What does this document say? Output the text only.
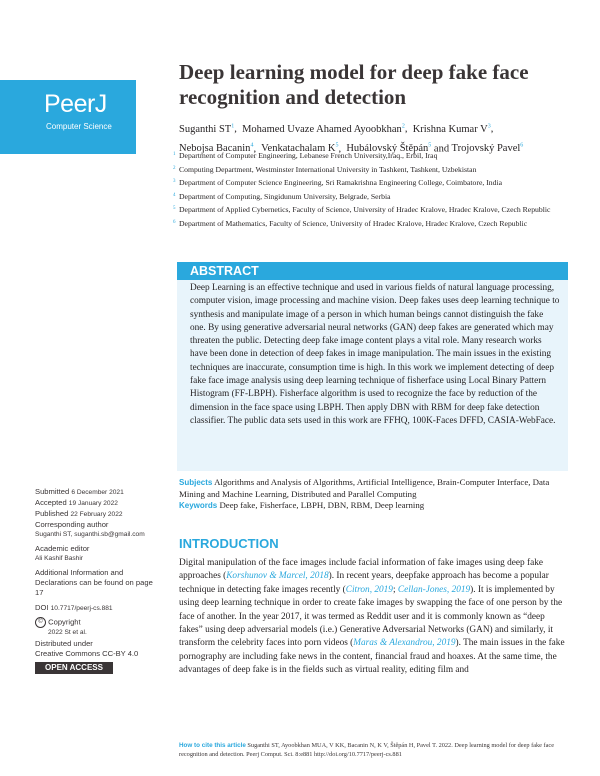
PeerJ
Computer Science
Deep learning model for deep fake face recognition and detection
Suganthi $ST^1$,  Mohamed Uvaze Ahamed Ayoobkhan$^2$,  Krishna Kumar $V^3$,
Nebojsa Bacanin$^4$,  Venkatachalam $K^5$,  Hubálovský Štěpán$^5$ and Trojovský Pavel$^6$
1 Department of Computer Engineering, Lebanese French University,Iraq., Erbil, Iraq
2 Computing Department, Westminster International University in Tashkent, Tashkent, Uzbekistan
3 Department of Computer Science Engineering, Sri Ramakrishna Engineering College, Coimbatore, India
4 Department of Computing, Singidunum University, Belgrade, Serbia
5 Department of Applied Cybernetics, Faculty of Science, University of Hradec Kralove, Hradec Kralove, Czech Republic
6 Department of Mathematics, Faculty of Science, University of Hradec Kralove, Hradec Kralove, Czech Republic
ABSTRACT
Deep Learning is an effective technique and used in various fields of natural language processing, computer vision, image processing and machine vision. Deep fakes uses deep learning technique to synthesis and manipulate image of a person in which human beings cannot distinguish the fake one. By using generative adversarial neural networks (GAN) deep fakes are generated which may threaten the public. Detecting deep fake image content plays a vital role. Many research works have been done in detection of deep fakes in image manipulation. The main issues in the existing techniques are inaccurate, consumption time is high. In this work we implement detecting of deep fake face image analysis using deep learning technique of fisherface using Local Binary Pattern Histogram (FF-LBPH). Fisherface algorithm is used to recognize the face by reduction of the dimension in the face space using LBPH. Then apply DBN with RBM for deep fake detection classifier. The public data sets used in this work are FFHQ, 100K-Faces DFFD, CASIA-WebFace.
Subjects Algorithms and Analysis of Algorithms, Artificial Intelligence, Brain-Computer Interface, Data Mining and Machine Learning, Distributed and Parallel Computing
Keywords Deep fake, Fisherface, LBPH, DBN, RBM, Deep learning
Submitted 6 December 2021
Accepted 19 January 2022
Published 22 February 2022
Corresponding author
Suganthi ST, suganthi.sb@gmail.com
Academic editor
Ali Kashif Bashir
Additional Information and Declarations can be found on page 17
DOI 10.7717/peerj-cs.881
© Copyright
2022 St et al.
Distributed under
Creative Commons CC-BY 4.0
OPEN ACCESS
INTRODUCTION
Digital manipulation of the face images include facial information of fake images using deep fake approaches (Korshunov & Marcel, 2018). In recent years, deepfake approach has become a popular technique in detecting fake images recently (Citron, 2019; Cellan-Jones, 2019). It is implemented by using deep learning technique in order to create fake images by swapping the face of one person by the face of another. In the year 2017, it was termed as Reddit user and it is commonly known as “deep fakes” using deep adversarial models (i.e.) Generative Adversarial Networks (GAN) and similarly, it transform the celebrity faces into porn videos (Maras & Alexandrou, 2019). The main issues in the fake pornography are including fake news in the content, financial fraud and hoaxes. At the same time, the advantages of deep fake is in the fields such as virtual reality, editing film and
How to cite this article Suganthi ST, Ayoobkhan MUA, V KK, Bacanin N, K V, Štěpán H, Pavel T. 2022. Deep learning model for deep fake face recognition and detection. Peerj Comput. Sci. 8:e881 http://doi.org/10.7717/peerj-cs.881
